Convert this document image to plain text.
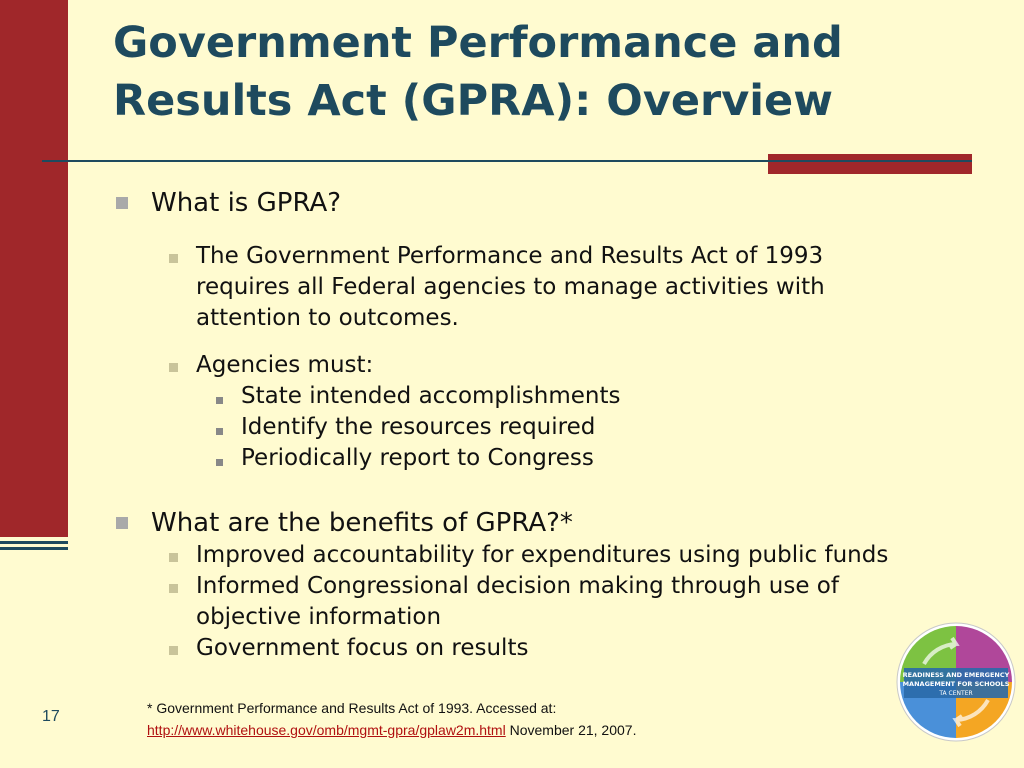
Government Performance and Results Act (GPRA): Overview
What is GPRA?
The Government Performance and Results Act of 1993
requires all Federal agencies to manage activities with
attention to outcomes.
Agencies must:
State intended accomplishments
Identify the resources required
Periodically report to Congress
What are the benefits of GPRA?*
Improved accountability for expenditures using public funds
Informed Congressional decision making through use of
objective information
Government focus on results
17	* Government Performance and Results Act of 1993. Accessed at:
http://www.whitehouse.gov/omb/mgmt-gpra/gplaw2m.html November 21, 2007.
READINESS AND EMERGENCY
MANAGEMENT FOR SCHOOLS
TA CENTER
